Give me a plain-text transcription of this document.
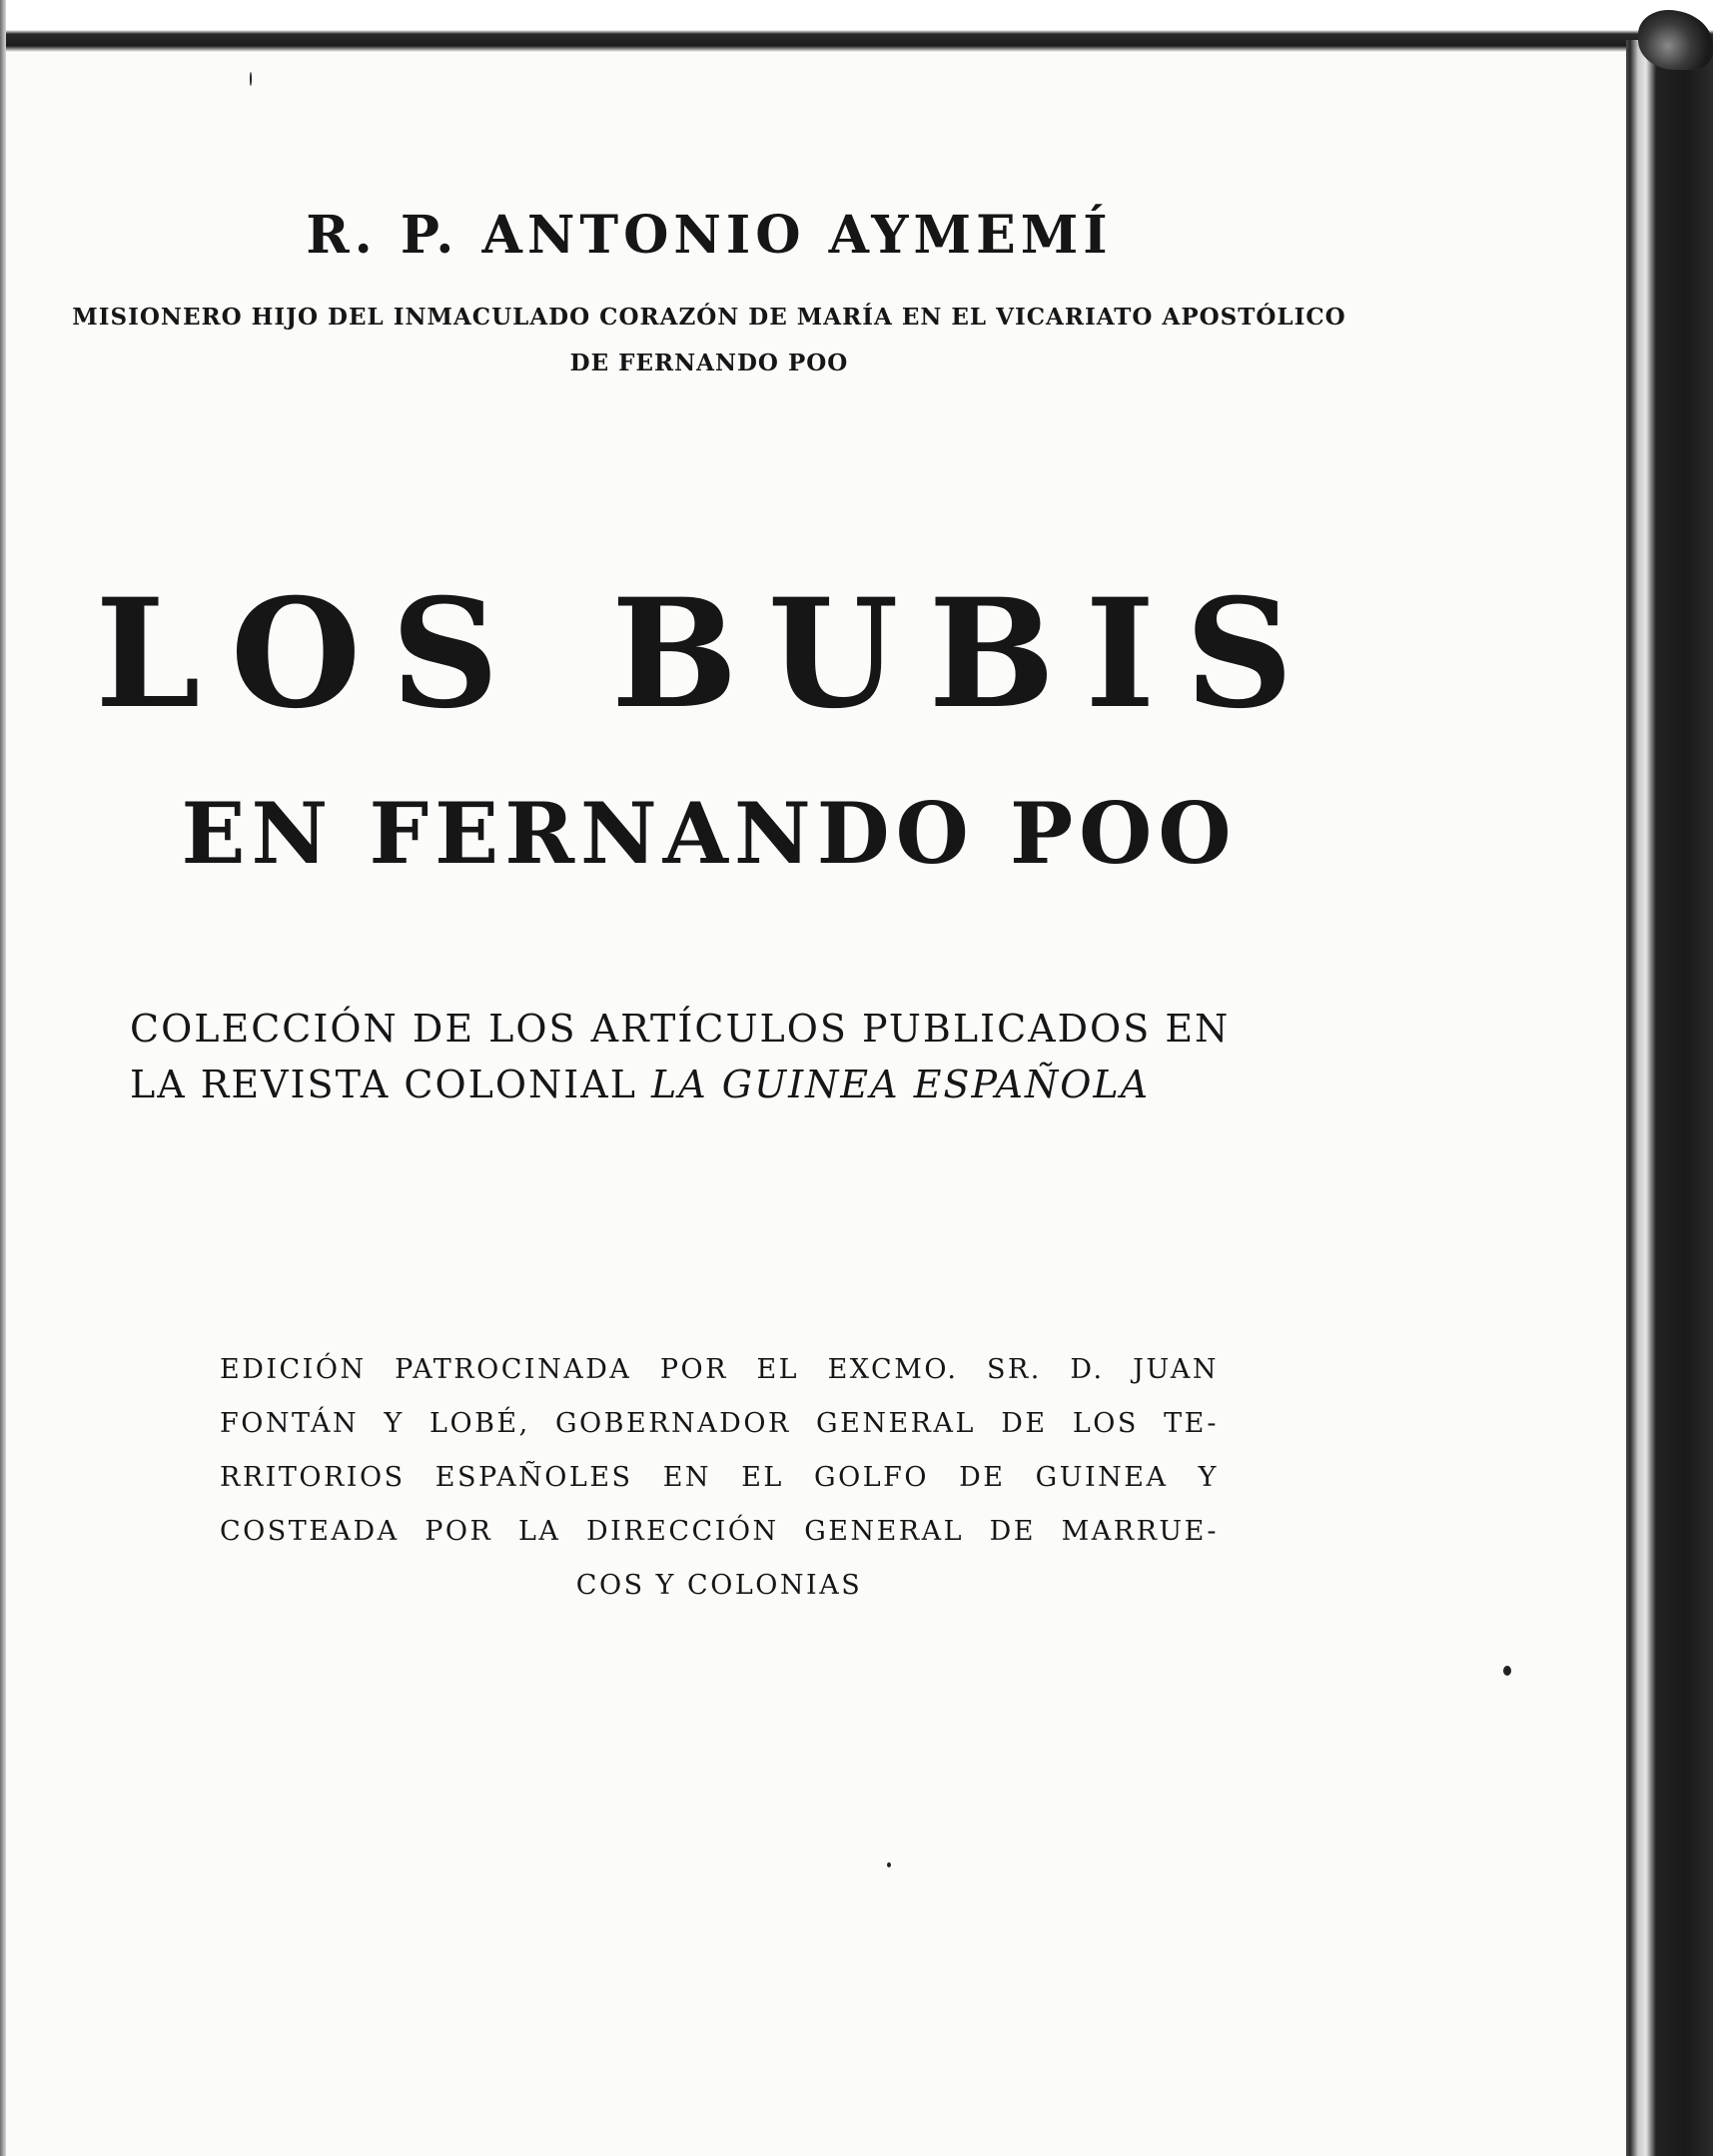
R. P. ANTONIO AYMEMÍ
MISIONERO HIJO DEL INMACULADO CORAZÓN DE MARÍA EN EL VICARIATO APOSTÓLICO
DE FERNANDO POO
LOS BUBIS
EN FERNANDO POO
COLECCIÓN DE LOS ARTÍCULOS PUBLICADOS EN
LA REVISTA COLONIAL LA GUINEA ESPAÑOLA
EDICIÓN PATROCINADA POR EL EXCMO. SR. D. JUAN
FONTÁN Y LOBÉ, GOBERNADOR GENERAL DE LOS TE-
RRITORIOS ESPAÑOLES EN EL GOLFO DE GUINEA Y
COSTEADA POR LA DIRECCIÓN GENERAL DE MARRUE-
COS Y COLONIAS
